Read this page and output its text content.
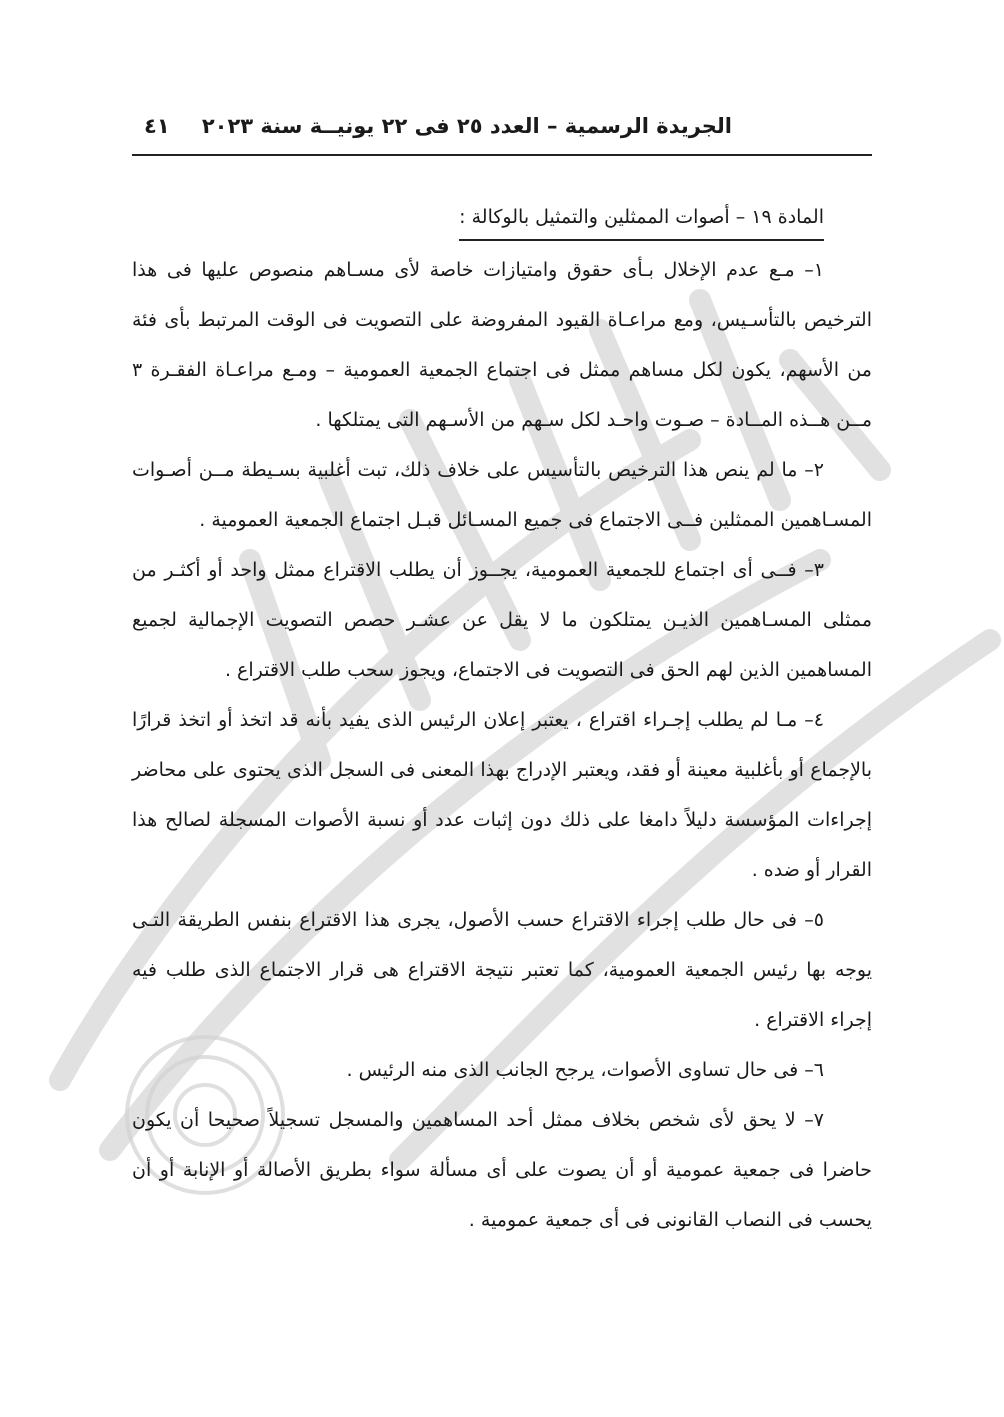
الجريدة الرسمية – العدد ٢٥ فى ٢٢ يونيــة سنة ٢٠٢٣
٤١
المادة ١٩ – أصوات الممثلين والتمثيل بالوكالة :

١– مـع عدم الإخلال بـأى حقوق وامتيازات خاصة لأى مسـاهم منصوص عليها فى هذا الترخيص بالتأسـيس، ومع مراعـاة القيود المفروضة على التصويت فى الوقت المرتبط بأى فئة من الأسهم، يكون لكل مساهم ممثل فى اجتماع الجمعية العمومية – ومـع مراعـاة الفقـرة ٣ مــن هــذه المــادة – صـوت واحـد لكل سـهم من الأسـهم التى يمتلكها .

٢– ما لم ينص هذا الترخيص بالتأسيس على خلاف ذلك، تبت أغلبية بسـيطة مــن أصـوات المسـاهمين الممثلين فــى الاجتماع فى جميع المسـائل قبـل اجتماع الجمعية العمومية .

٣– فــى أى اجتماع للجمعية العمومية، يجــوز أن يطلب الاقتراع ممثل واحد أو أكثـر من ممثلى المسـاهمين الذيـن يمتلكون ما لا يقل عن عشـر حصص التصويت الإجمالية لجميع المساهمين الذين لهم الحق فى التصويت فى الاجتماع، ويجوز سحب طلب الاقتراع .

٤– مـا لم يطلب إجـراء اقتراع ، يعتبر إعلان الرئيس الذى يفيد بأنه قد اتخذ أو اتخذ قرارًا بالإجماع أو بأغلبية معينة أو فقد، ويعتبر الإدراج بهذا المعنى فى السجل الذى يحتوى على محاضر إجراءات المؤسسة دليلاً دامغا على ذلك دون إثبات عدد أو نسبة الأصوات المسجلة لصالح هذا القرار أو ضده .

٥– فى حال طلب إجراء الاقتراع حسب الأصول، يجرى هذا الاقتراع بنفس الطريقة التـى يوجه بها رئيس الجمعية العمومية، كما تعتبر نتيجة الاقتراع هى قرار الاجتماع الذى طلب فيه إجراء الاقتراع .

٦– فى حال تساوى الأصوات، يرجح الجانب الذى منه الرئيس .

٧– لا يحق لأى شخص بخلاف ممثل أحد المساهمين والمسجل تسجيلاً صحيحا أن يكون حاضرا فى جمعية عمومية أو أن يصوت على أى مسألة سواء بطريق الأصالة أو الإنابة أو أن يحسب فى النصاب القانونى فى أى جمعية عمومية .
